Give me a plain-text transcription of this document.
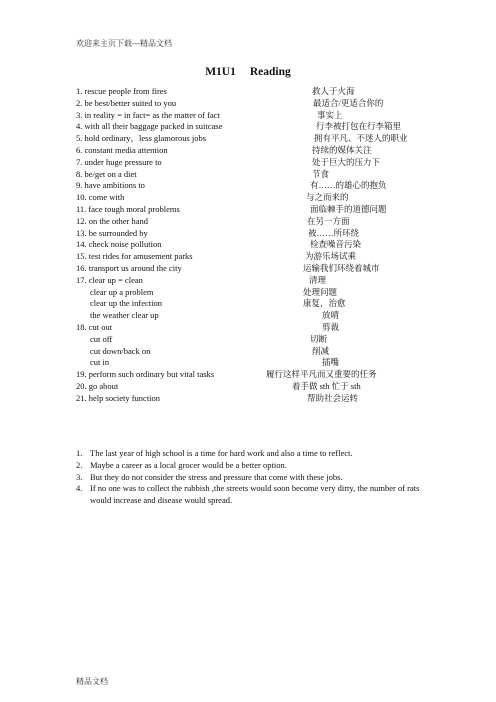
欢迎来主页下载---精品文档
M1U1 Reading
1. rescue people from fires	救人于火海
2. be best/better suited to you	最适合/更适合你的
3. in reality = in fact= as the matter of fact	事实上
4. with all their baggage packed in suitcase	行李被打包在行李箱里
5. hold ordinary，less glamorous jobs	拥有平凡、不迷人的职业
6. constant media attention	持续的媒体关注
7. under huge pressure to	处于巨大的压力下
8. be/get on a diet	节食
9. have ambitions to	有……的雄心的抱负
10. come with	与之而来的
11. face tough moral problems	面临棘手的道德问题
12. on the other hand	在另一方面
13. be surrounded by	被……所环绕
14. check noise pollution	检查噪音污染
15. test rides for amusement parks	为游乐场试乘
16. transport us around the city	运输我们环绕着城市
17. clear up = clean	清理
clear up a problem	处理问题
clear up the infection	康复，治愈
the weather clear up	放晴
18. cut out	剪裁
cut off	切断
cut down/back on	削减
cut in	插嘴
19. perform such ordinary but vital tasks	履行这样平凡而又重要的任务
20. go about	着手做 sth 忙于 sth
21. help society function	帮助社会运转

1. The last year of high school is a time for hard work and also a time to reflect.

2. Maybe a career as a local grocer would be a better option.

3. But they do not consider the stress and pressure that come with these jobs.

4. If no one was to collect the rubbish ,the streets would soon become very dirty, the number of rats would increase and disease would spread.

精品文档
